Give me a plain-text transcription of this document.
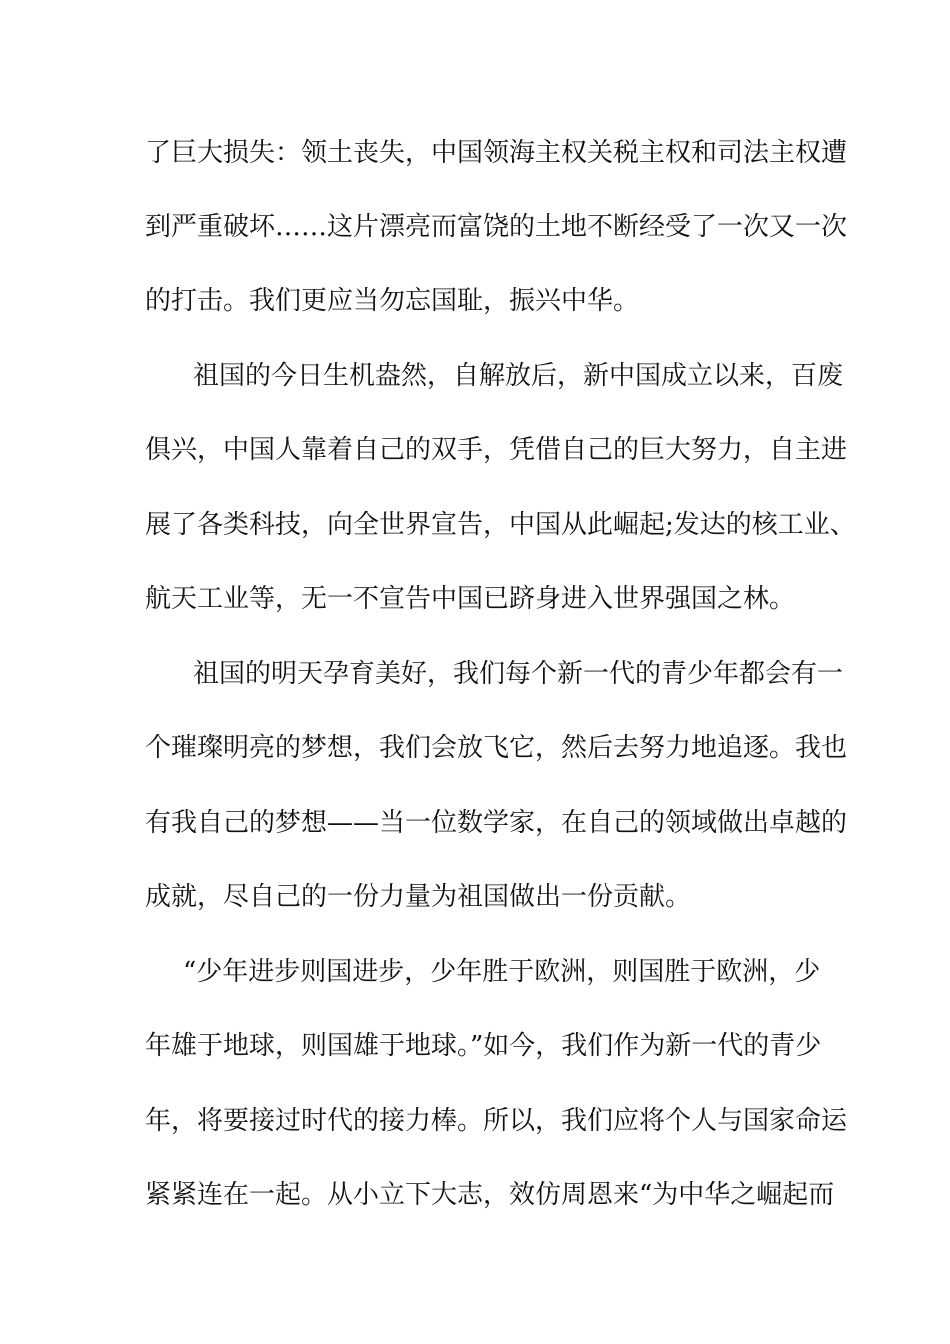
了巨大损失：领土丧失，中国领海主权关税主权和司法主权遭
到严重破坏……这片漂亮而富饶的土地不断经受了一次又一次
的打击。我们更应当勿忘国耻，振兴中华。
祖国的今日生机盎然，自解放后，新中国成立以来，百废
俱兴，中国人靠着自己的双手，凭借自己的巨大努力，自主进
展了各类科技，向全世界宣告，中国从此崛起;发达的核工业、
航天工业等，无一不宣告中国已跻身进入世界强国之林。
祖国的明天孕育美好，我们每个新一代的青少年都会有一
个璀璨明亮的梦想，我们会放飞它，然后去努力地追逐。我也
有我自己的梦想——当一位数学家，在自己的领域做出卓越的
成就，尽自己的一份力量为祖国做出一份贡献。
“少年进步则国进步，少年胜于欧洲，则国胜于欧洲，少
年雄于地球，则国雄于地球。”如今，我们作为新一代的青少
年，将要接过时代的接力棒。所以，我们应将个人与国家命运
紧紧连在一起。从小立下大志，效仿周恩来“为中华之崛起而
